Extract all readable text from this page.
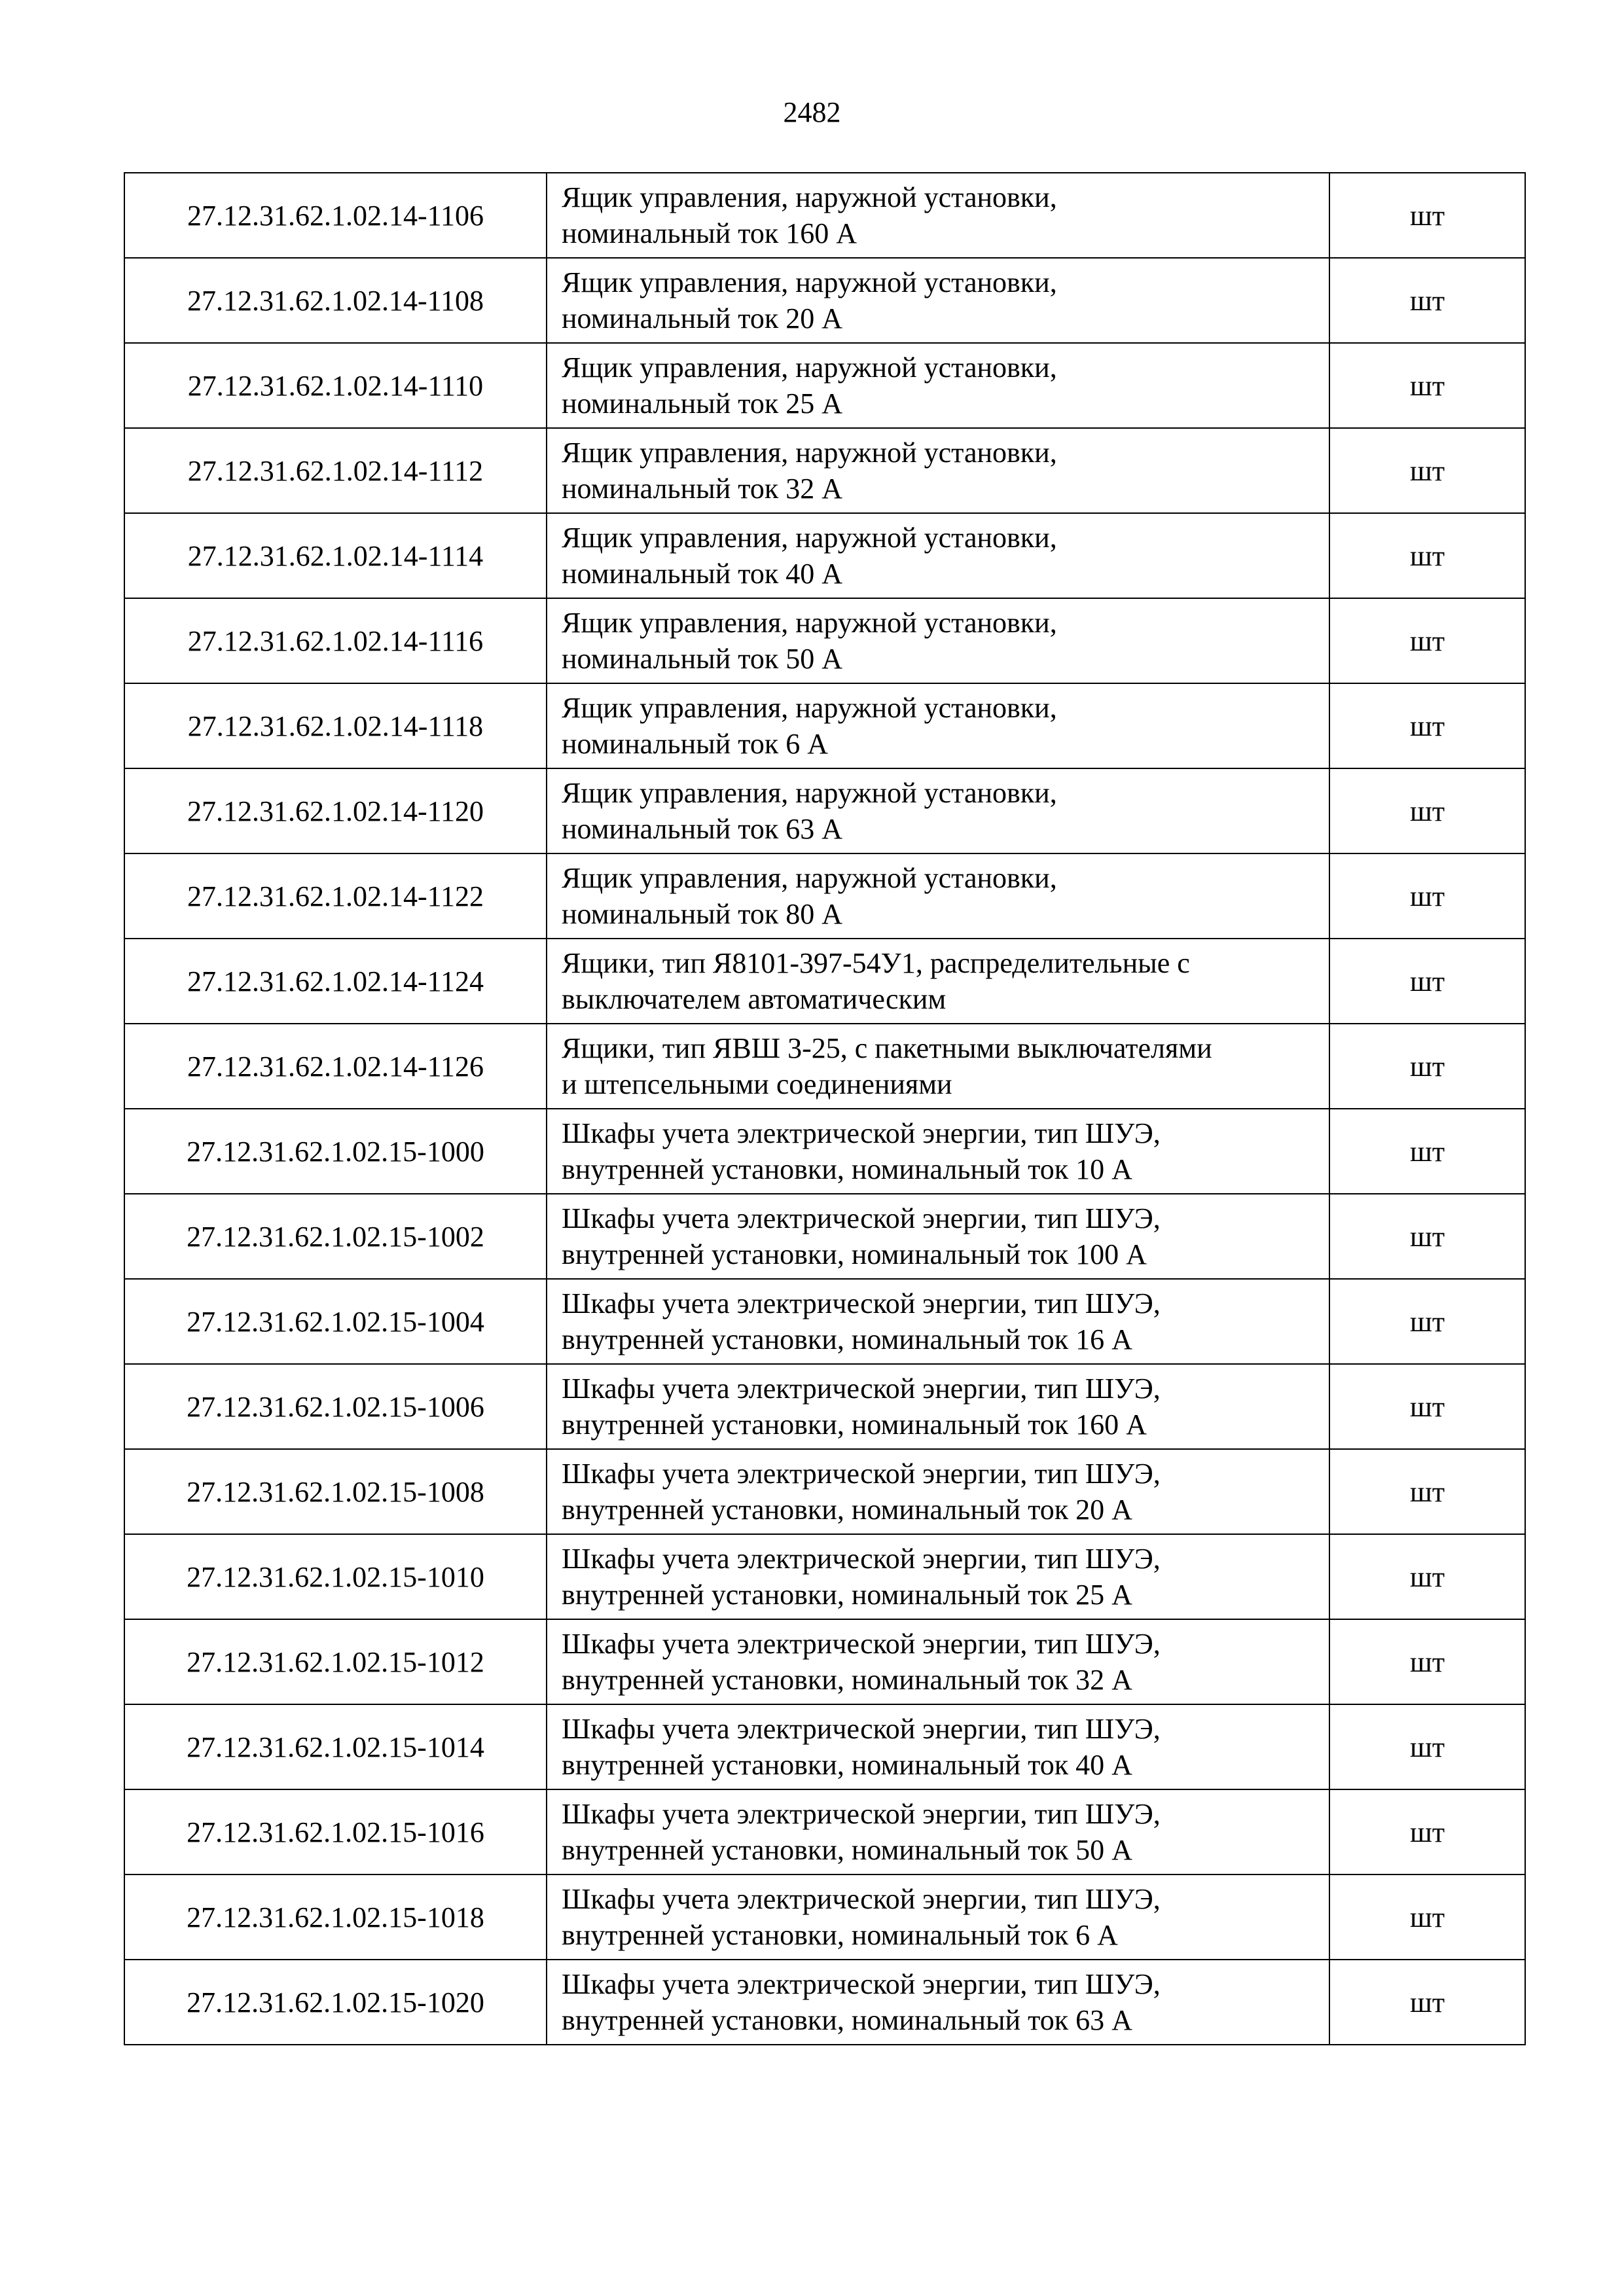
2482
27.12.31.62.1.02.14-1106	Ящик управления, наружной установки,
номинальный ток 160 А	шт
27.12.31.62.1.02.14-1108	Ящик управления, наружной установки,
номинальный ток 20 А	шт
27.12.31.62.1.02.14-1110	Ящик управления, наружной установки,
номинальный ток 25 А	шт
27.12.31.62.1.02.14-1112	Ящик управления, наружной установки,
номинальный ток 32 А	шт
27.12.31.62.1.02.14-1114	Ящик управления, наружной установки,
номинальный ток 40 А	шт
27.12.31.62.1.02.14-1116	Ящик управления, наружной установки,
номинальный ток 50 А	шт
27.12.31.62.1.02.14-1118	Ящик управления, наружной установки,
номинальный ток 6 А	шт
27.12.31.62.1.02.14-1120	Ящик управления, наружной установки,
номинальный ток 63 А	шт
27.12.31.62.1.02.14-1122	Ящик управления, наружной установки,
номинальный ток 80 А	шт
27.12.31.62.1.02.14-1124	Ящики, тип Я8101-397-54У1, распределительные с
выключателем автоматическим	шт
27.12.31.62.1.02.14-1126	Ящики, тип ЯВШ 3-25, с пакетными выключателями
и штепсельными соединениями	шт
27.12.31.62.1.02.15-1000	Шкафы учета электрической энергии, тип ШУЭ,
внутренней установки, номинальный ток 10 А	шт
27.12.31.62.1.02.15-1002	Шкафы учета электрической энергии, тип ШУЭ,
внутренней установки, номинальный ток 100 А	шт
27.12.31.62.1.02.15-1004	Шкафы учета электрической энергии, тип ШУЭ,
внутренней установки, номинальный ток 16 А	шт
27.12.31.62.1.02.15-1006	Шкафы учета электрической энергии, тип ШУЭ,
внутренней установки, номинальный ток 160 А	шт
27.12.31.62.1.02.15-1008	Шкафы учета электрической энергии, тип ШУЭ,
внутренней установки, номинальный ток 20 А	шт
27.12.31.62.1.02.15-1010	Шкафы учета электрической энергии, тип ШУЭ,
внутренней установки, номинальный ток 25 А	шт
27.12.31.62.1.02.15-1012	Шкафы учета электрической энергии, тип ШУЭ,
внутренней установки, номинальный ток 32 А	шт
27.12.31.62.1.02.15-1014	Шкафы учета электрической энергии, тип ШУЭ,
внутренней установки, номинальный ток 40 А	шт
27.12.31.62.1.02.15-1016	Шкафы учета электрической энергии, тип ШУЭ,
внутренней установки, номинальный ток 50 А	шт
27.12.31.62.1.02.15-1018	Шкафы учета электрической энергии, тип ШУЭ,
внутренней установки, номинальный ток 6 А	шт
27.12.31.62.1.02.15-1020	Шкафы учета электрической энергии, тип ШУЭ,
внутренней установки, номинальный ток 63 А	шт
